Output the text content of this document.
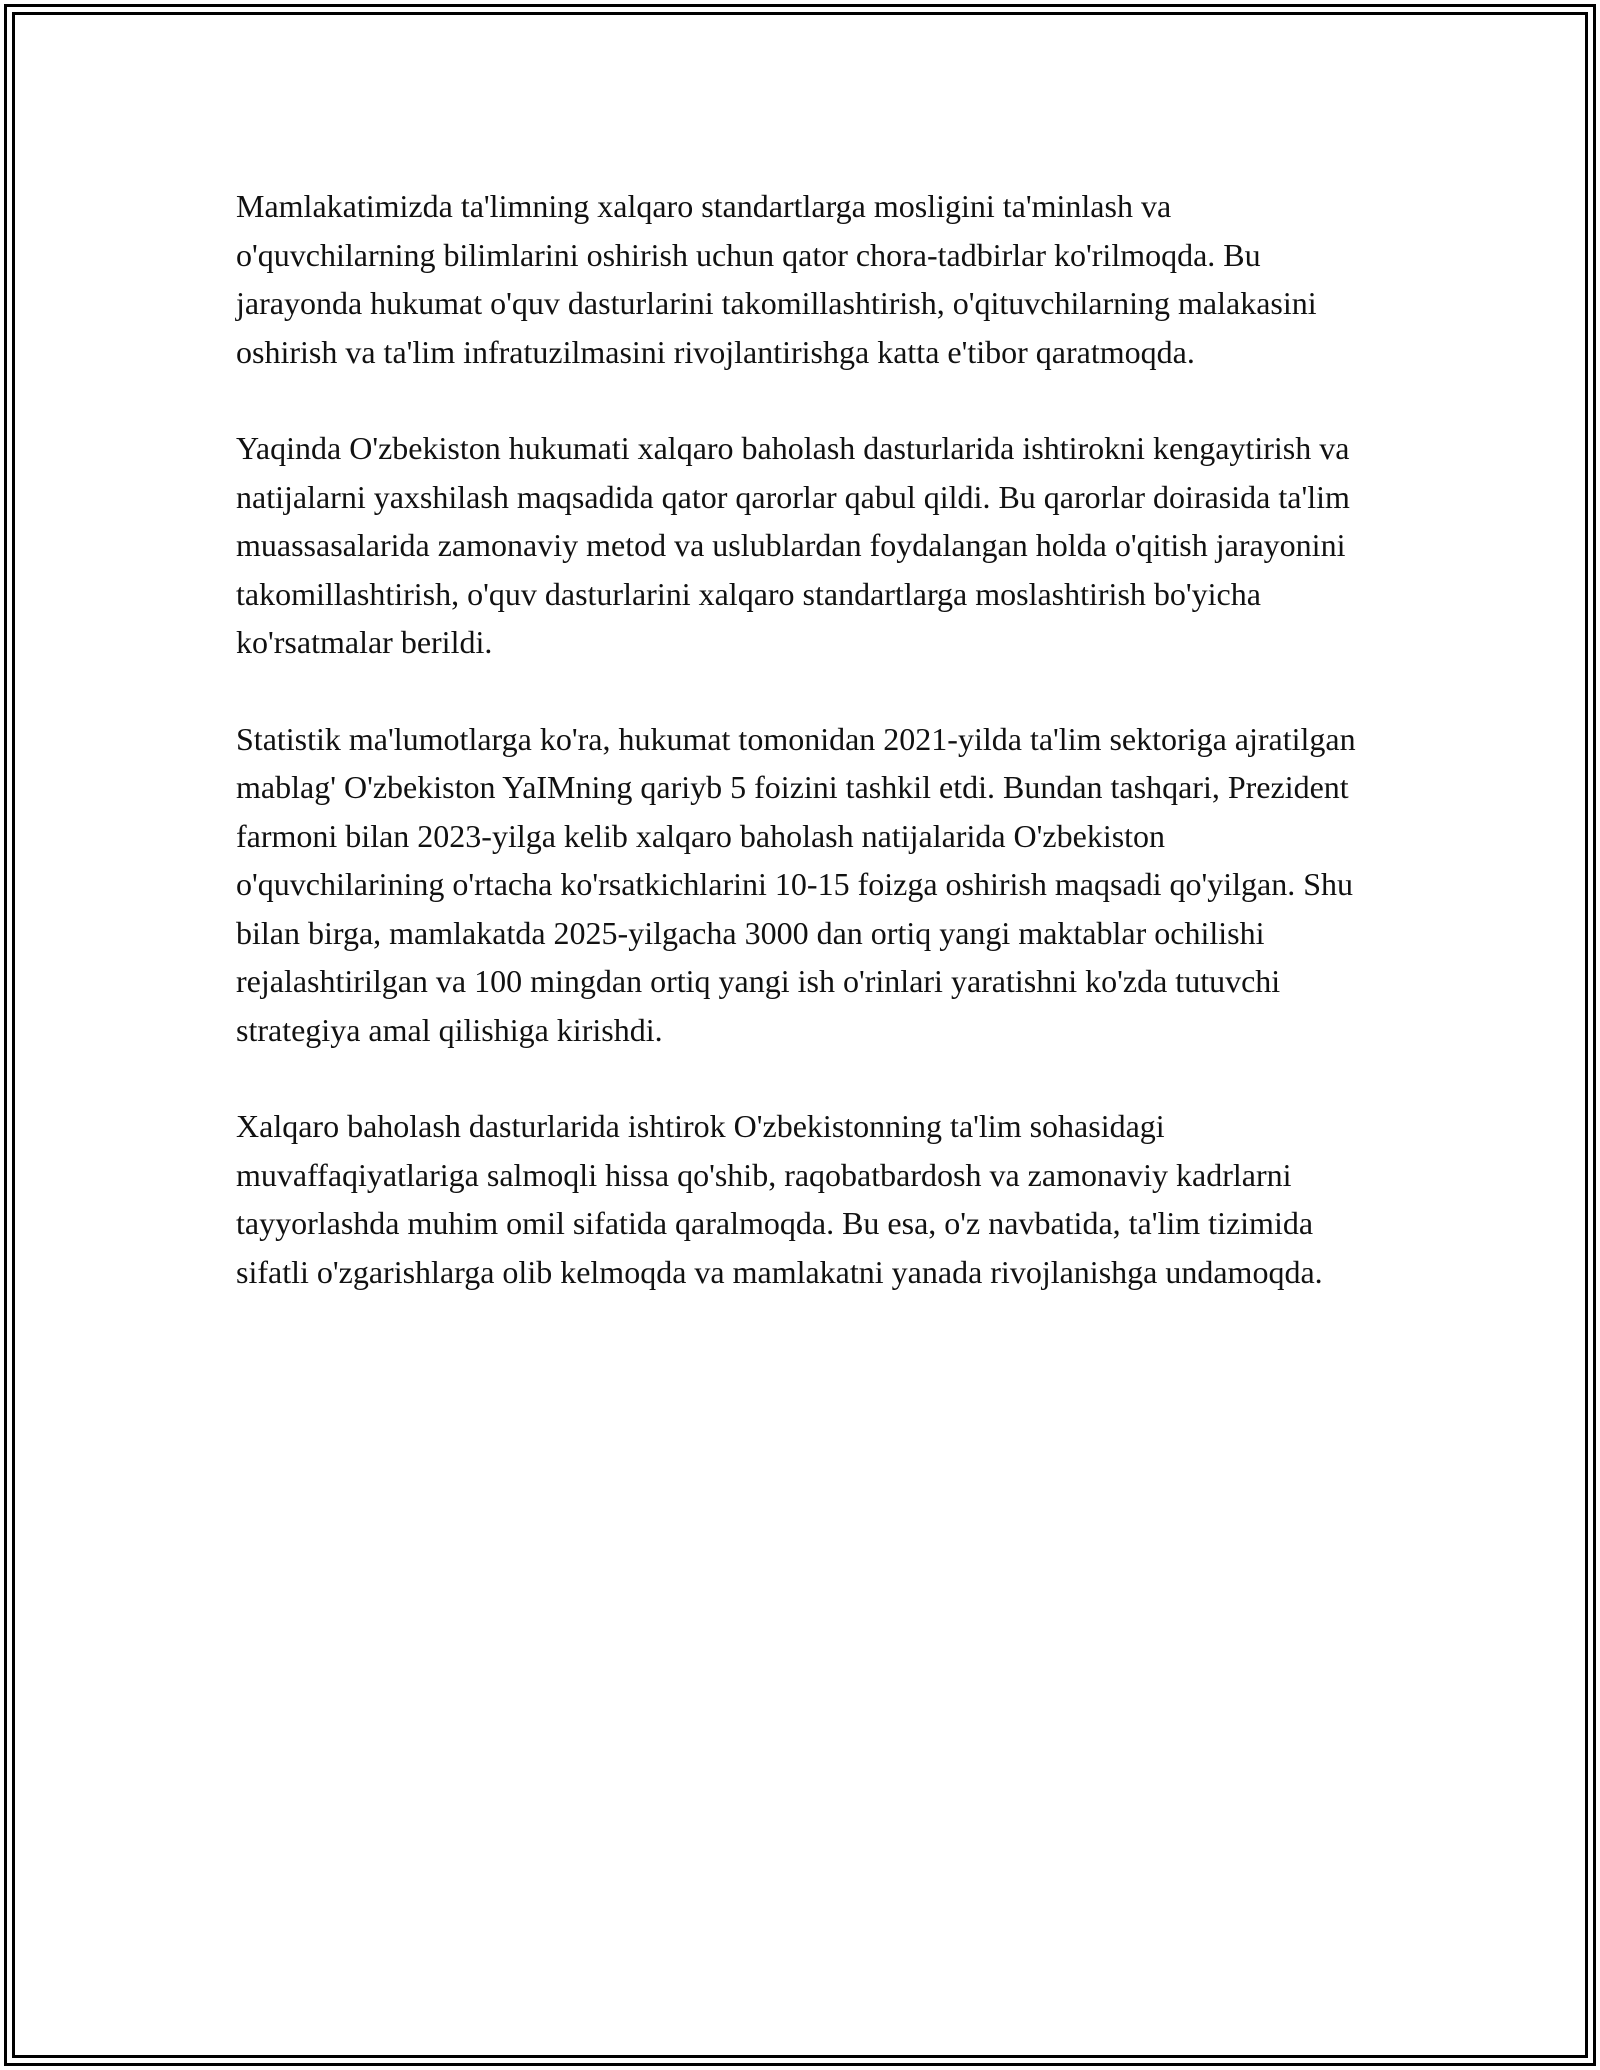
Mamlakatimizda ta'limning xalqaro standartlarga mosligini ta'minlash va o'quvchilarning bilimlarini oshirish uchun qator chora-tadbirlar ko'rilmoqda. Bu jarayonda hukumat o'quv dasturlarini takomillashtirish, o'qituvchilarning malakasini oshirish va ta'lim infratuzilmasini rivojlantirishga katta e'tibor qaratmoqda.

Yaqinda O'zbekiston hukumati xalqaro baholash dasturlarida ishtirokni kengaytirish va natijalarni yaxshilash maqsadida qator qarorlar qabul qildi. Bu qarorlar doirasida ta'lim muassasalarida zamonaviy metod va uslublardan foydalangan holda o'qitish jarayonini takomillashtirish, o'quv dasturlarini xalqaro standartlarga moslashtirish bo'yicha ko'rsatmalar berildi.

Statistik ma'lumotlarga ko'ra, hukumat tomonidan 2021-yilda ta'lim sektoriga ajratilgan mablag' O'zbekiston YaIMning qariyb 5 foizini tashkil etdi. Bundan tashqari, Prezident farmoni bilan 2023-yilga kelib xalqaro baholash natijalarida O'zbekiston o'quvchilarining o'rtacha ko'rsatkichlarini 10-15 foizga oshirish maqsadi qo'yilgan. Shu bilan birga, mamlakatda 2025-yilgacha 3000 dan ortiq yangi maktablar ochilishi rejalashtirilgan va 100 mingdan ortiq yangi ish o'rinlari yaratishni ko'zda tutuvchi strategiya amal qilishiga kirishdi.

Xalqaro baholash dasturlarida ishtirok O'zbekistonning ta'lim sohasidagi muvaffaqiyatlariga salmoqli hissa qo'shib, raqobatbardosh va zamonaviy kadrlarni tayyorlashda muhim omil sifatida qaralmoqda. Bu esa, o'z navbatida, ta'lim tizimida sifatli o'zgarishlarga olib kelmoqda va mamlakatni yanada rivojlanishga undamoqda.
